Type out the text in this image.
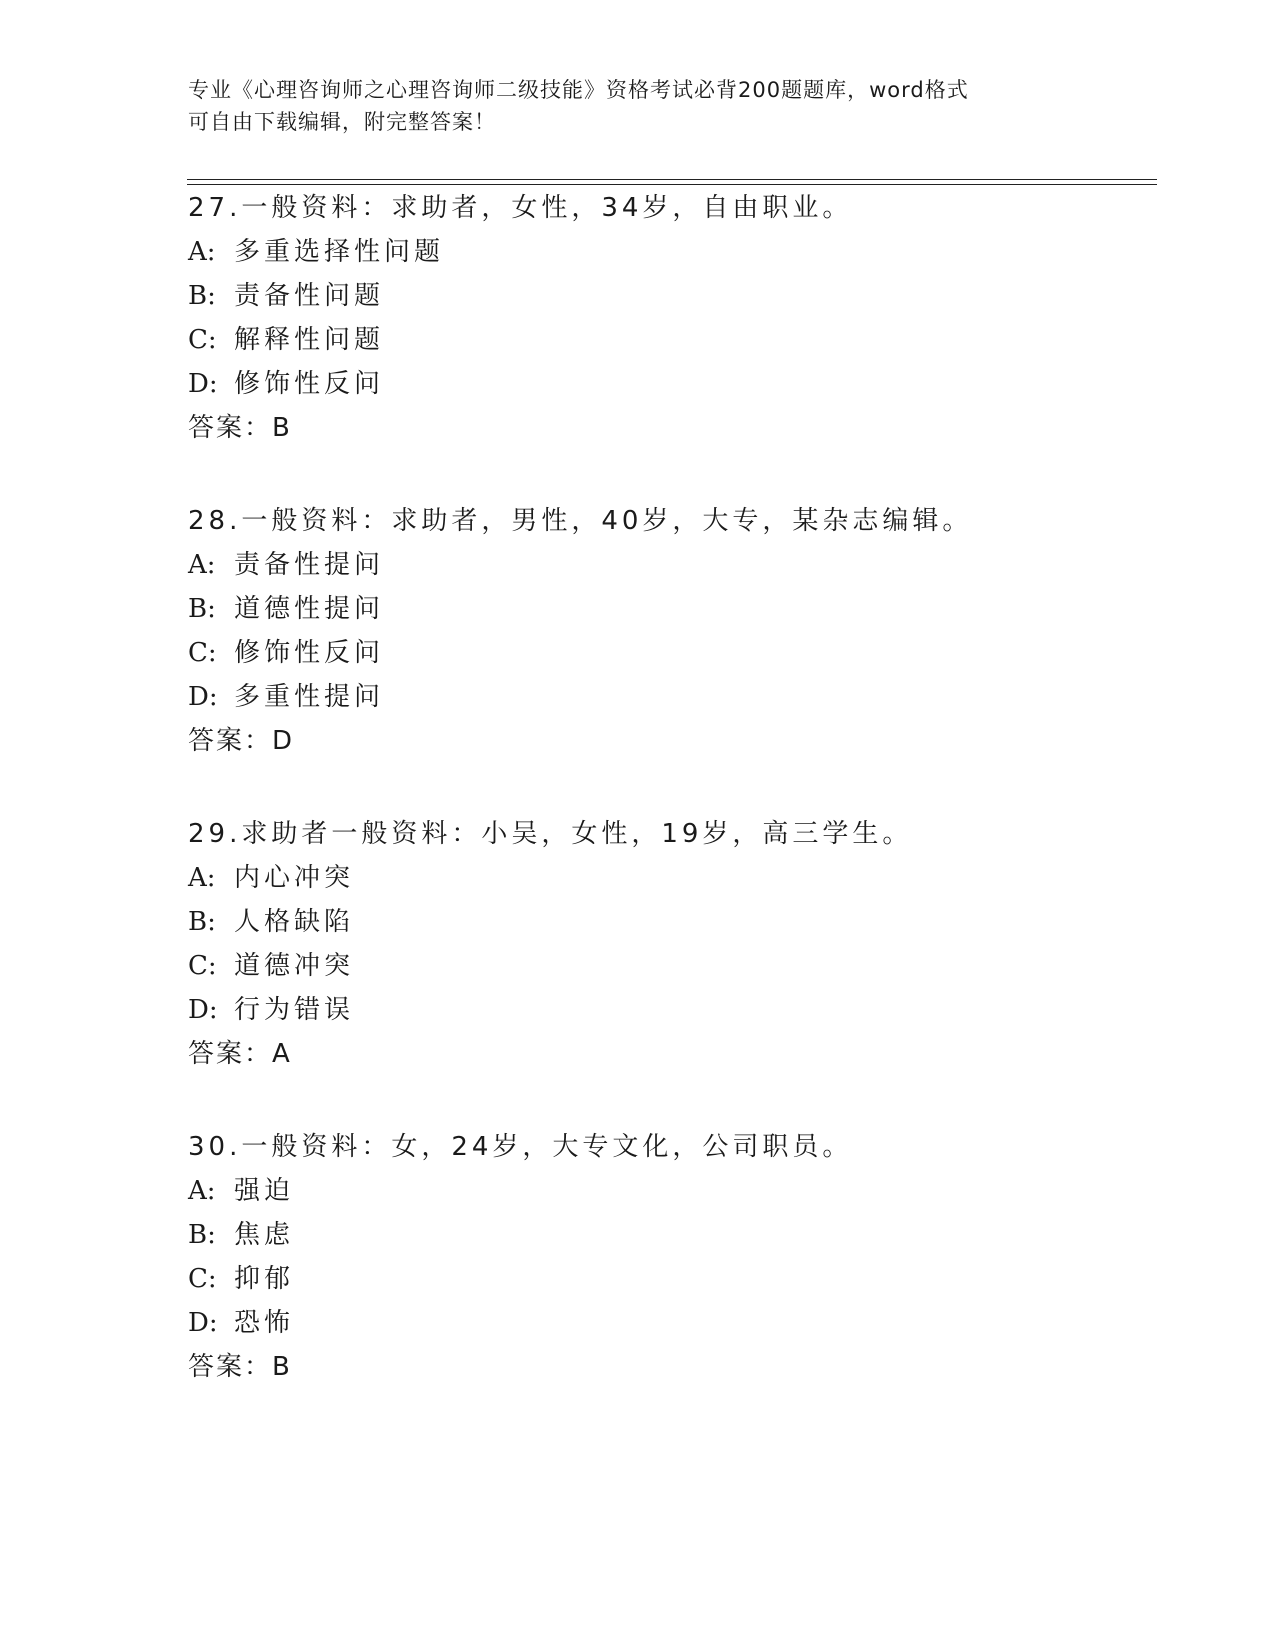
专业《心理咨询师之心理咨询师二级技能》资格考试必背200题题库，word格式
可自由下载编辑，附完整答案！
27.一般资料：求助者，女性，34岁，自由职业。
A: 多重选择性问题
B: 责备性问题
C: 解释性问题
D: 修饰性反问
答案：B
28.一般资料：求助者，男性，40岁，大专，某杂志编辑。
A: 责备性提问
B: 道德性提问
C: 修饰性反问
D: 多重性提问
答案：D
29.求助者一般资料：小吴，女性，19岁，高三学生。
A: 内心冲突
B: 人格缺陷
C: 道德冲突
D: 行为错误
答案：A
30.一般资料：女，24岁，大专文化，公司职员。
A: 强迫
B: 焦虑
C: 抑郁
D: 恐怖
答案：B
